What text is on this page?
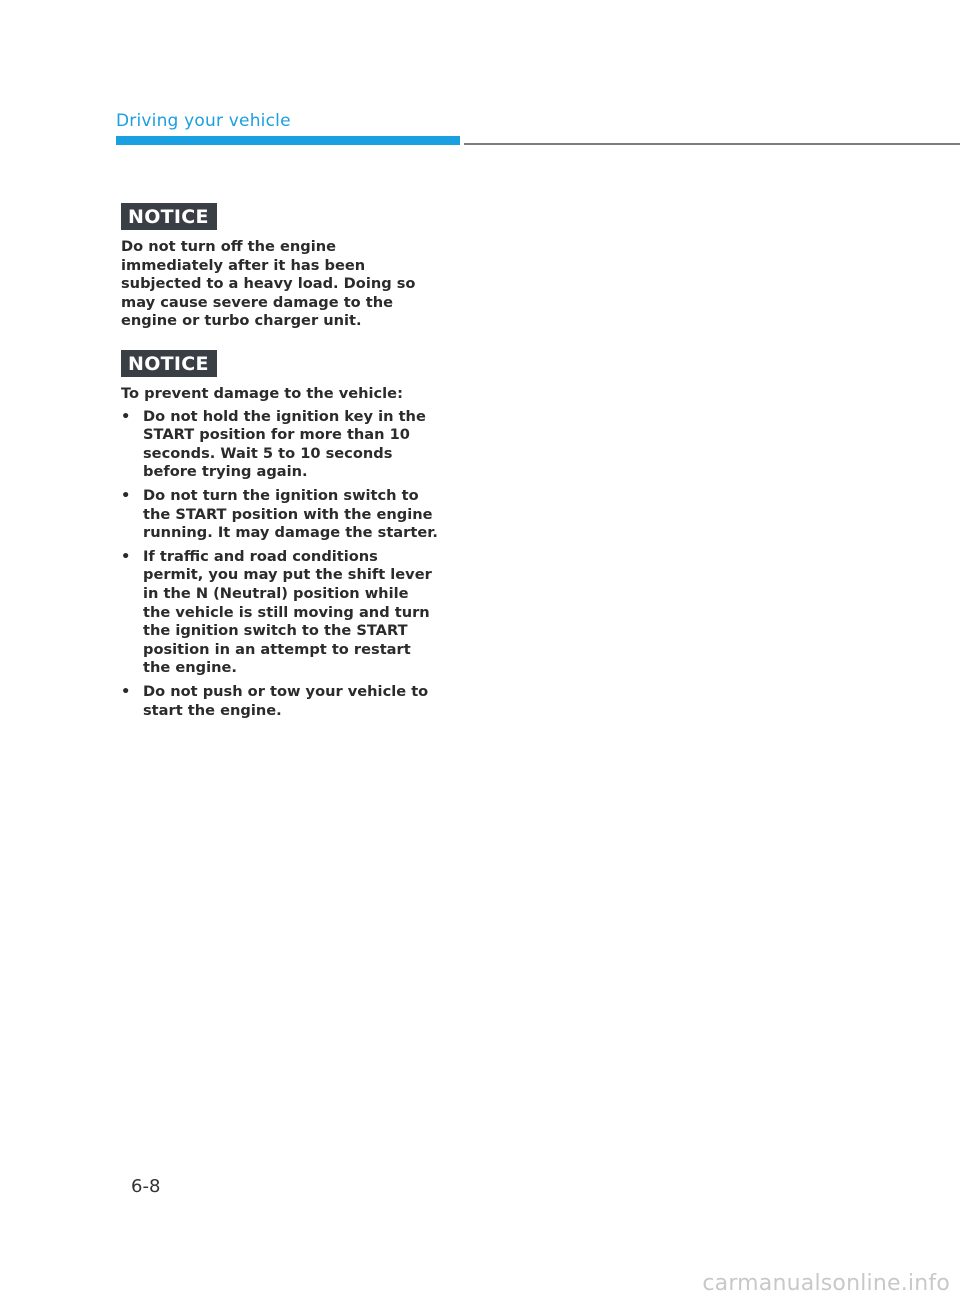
Driving your vehicle
NOTICE
Do not turn off the engine immediately after it has been subjected to a heavy load. Doing so may cause severe damage to the engine or turbo charger unit.
NOTICE
To prevent damage to the vehicle:
• Do not hold the ignition key in the START position for more than 10 seconds. Wait 5 to 10 seconds before trying again.
• Do not turn the ignition switch to the START position with the engine running. It may damage the starter.
• If traffic and road conditions permit, you may put the shift lever in the N (Neutral) position while the vehicle is still moving and turn the ignition switch to the START position in an attempt to restart the engine.
• Do not push or tow your vehicle to start the engine.
6-8
carmanualsonline.info
